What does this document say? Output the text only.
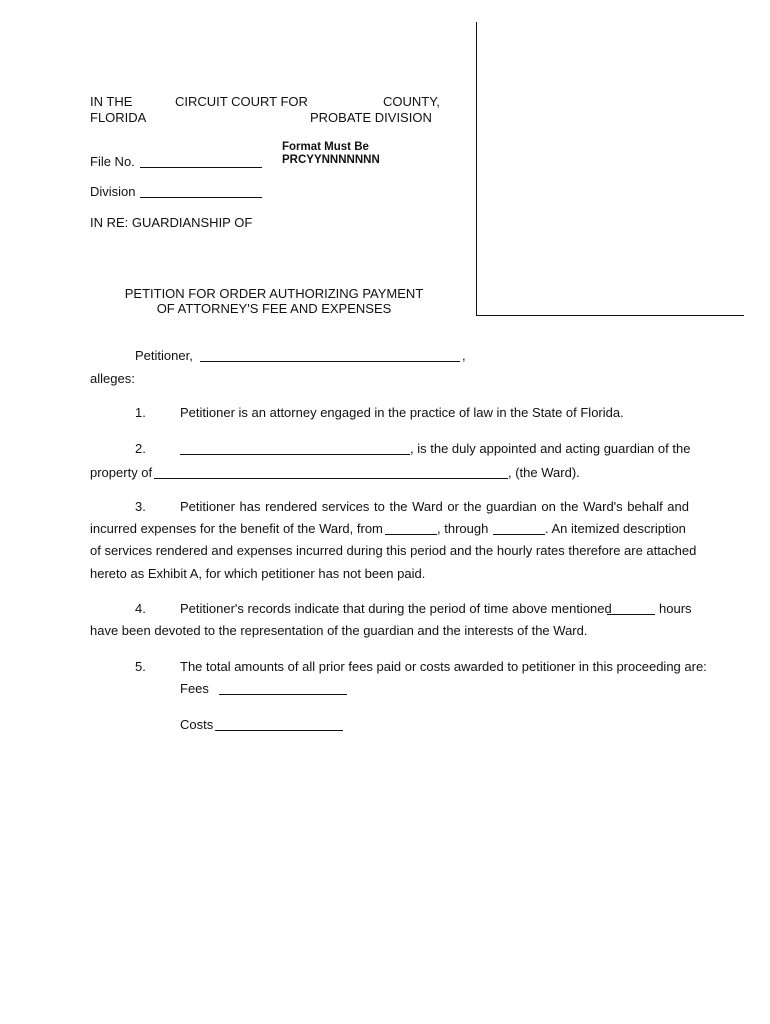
IN THE	CIRCUIT COURT FOR	COUNTY,
FLORIDA	PROBATE DIVISION
Format Must Be
PRCYYNNNNNNN
File No.
Division
IN RE: GUARDIANSHIP OF
PETITION FOR ORDER AUTHORIZING PAYMENT
OF ATTORNEY'S FEE AND EXPENSES
Petitioner,	,
alleges:
1.	Petitioner is an attorney engaged in the practice of law in the State of Florida.
2.	, is the duly appointed and acting guardian of the
property of	, (the Ward).
3.	Petitioner has rendered services to the Ward or the guardian on the Ward's behalf and
incurred expenses for the benefit of the Ward, from	, through	. An itemized description
of services rendered and expenses incurred during this period and the hourly rates therefore are attached
hereto as Exhibit A, for which petitioner has not been paid.
4.	Petitioner's records indicate that during the period of time above mentioned	hours
have been devoted to the representation of the guardian and the interests of the Ward.
5.	The total amounts of all prior fees paid or costs awarded to petitioner in this proceeding are:
Fees
Costs
